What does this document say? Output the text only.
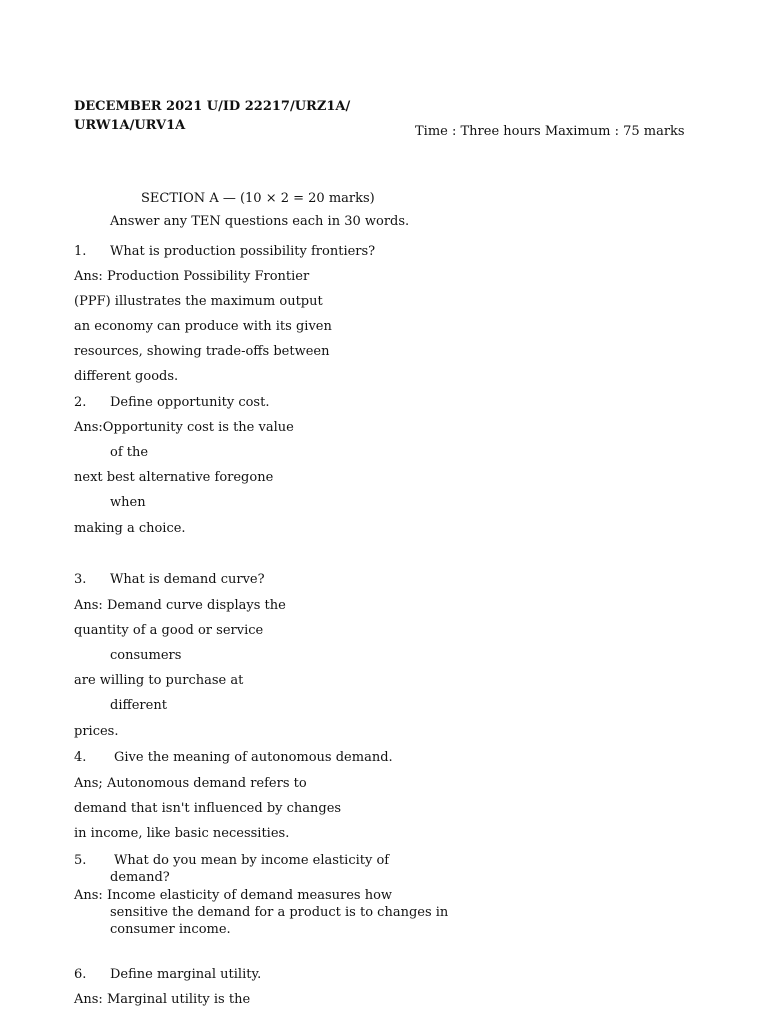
DECEMBER 2021 U/ID 22217/URZ1A/
URW1A/URV1A	Time : Three hours Maximum : 75 marks
SECTION A — (10 × 2 = 20 marks)
Answer any TEN questions each in 30 words.
1. What is production possibility frontiers?
Ans: Production Possibility Frontier
(PPF) illustrates the maximum output
an economy can produce with its given
resources, showing trade-offs between
different goods.
2. Define opportunity cost.
Ans:Opportunity cost is the value
of the
next best alternative foregone
when
making a choice.
3. What is demand curve?
Ans: Demand curve displays the
quantity of a good or service
consumers
are willing to purchase at
different
prices.
4. Give the meaning of autonomous demand.
Ans; Autonomous demand refers to
demand that isn't influenced by changes
in income, like basic necessities.
5. What do you mean by income elasticity of
demand?
Ans: Income elasticity of demand measures how
sensitive the demand for a product is to changes in
consumer income.
6. Define marginal utility.
Ans: Marginal utility is the
